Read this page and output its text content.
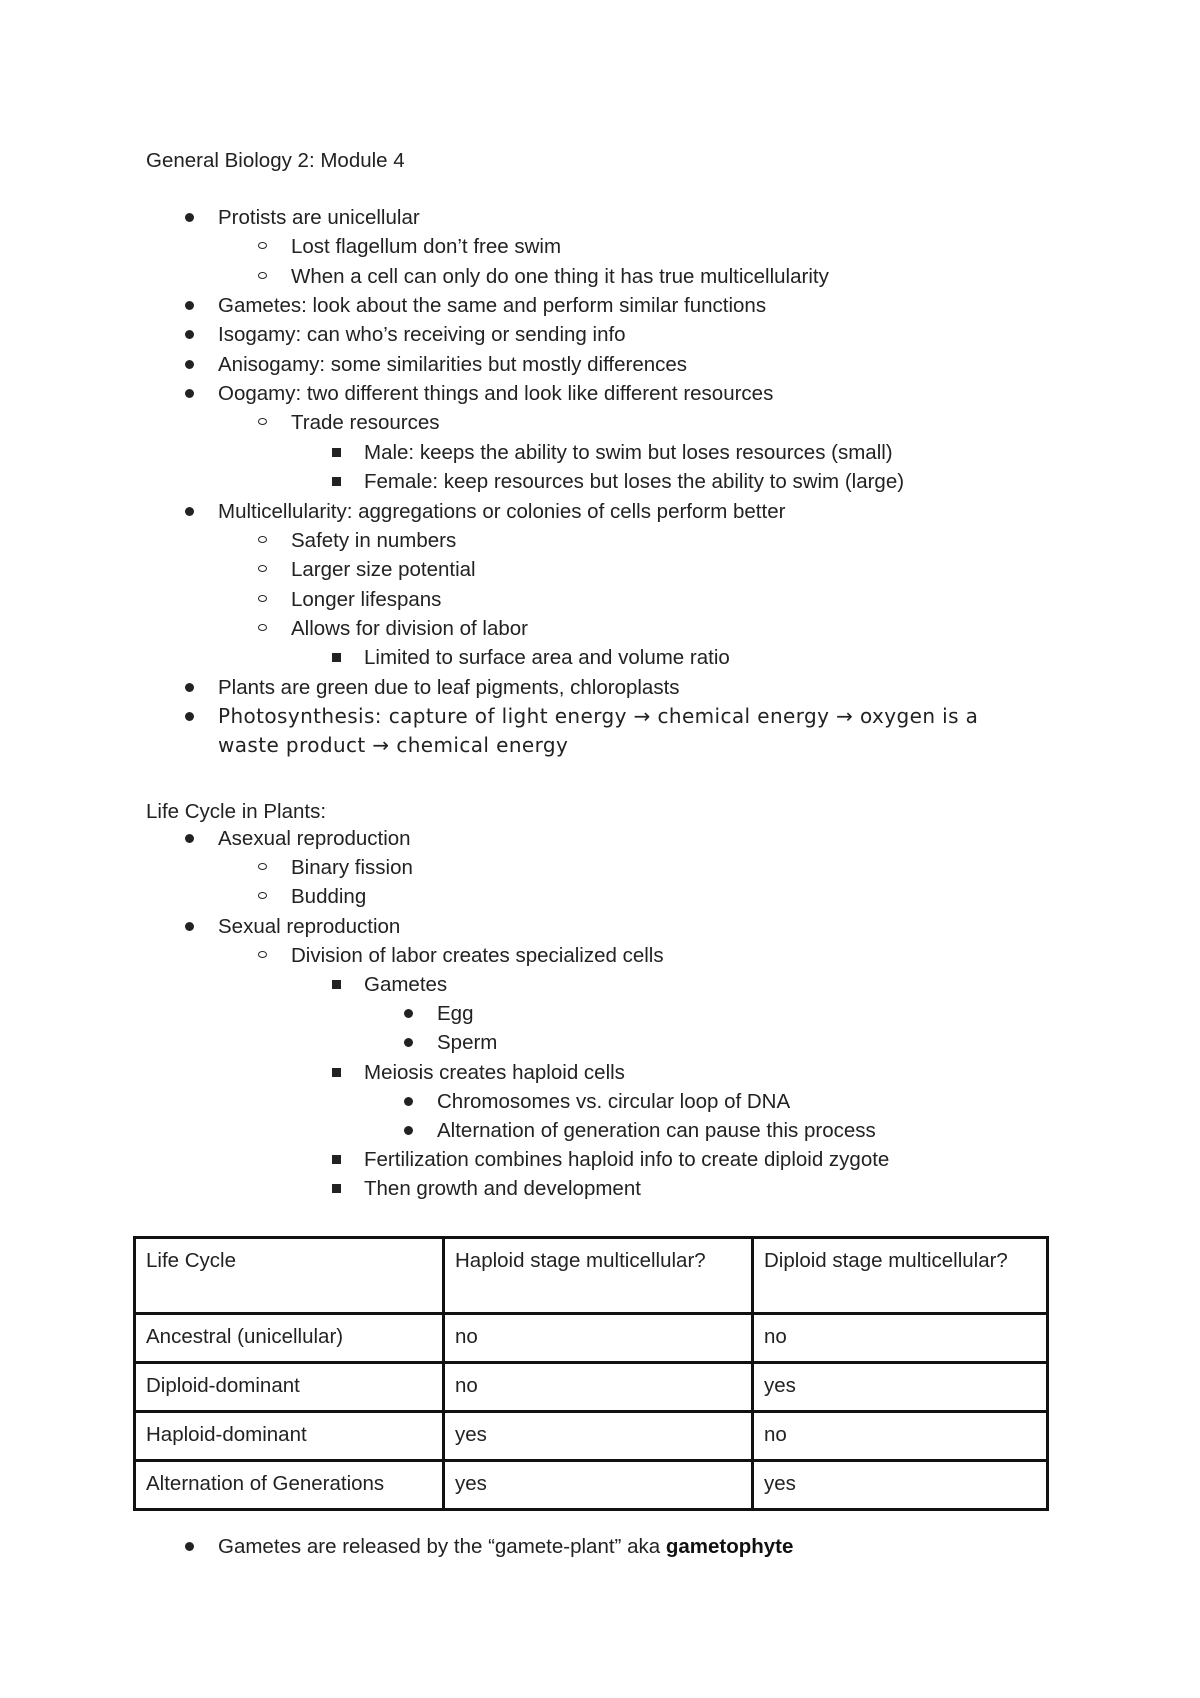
General Biology 2: Module 4
Protists are unicellular
Lost flagellum don’t free swim
When a cell can only do one thing it has true multicellularity
Gametes: look about the same and perform similar functions
Isogamy: can who’s receiving or sending info
Anisogamy: some similarities but mostly differences
Oogamy: two different things and look like different resources
Trade resources
Male: keeps the ability to swim but loses resources (small)
Female: keep resources but loses the ability to swim (large)
Multicellularity: aggregations or colonies of cells perform better
Safety in numbers
Larger size potential
Longer lifespans
Allows for division of labor
Limited to surface area and volume ratio
Plants are green due to leaf pigments, chloroplasts
Photosynthesis: capture of light energy → chemical energy → oxygen is a
waste product → chemical energy
Life Cycle in Plants:
Asexual reproduction
Binary fission
Budding
Sexual reproduction
Division of labor creates specialized cells
Gametes
Egg
Sperm
Meiosis creates haploid cells
Chromosomes vs. circular loop of DNA
Alternation of generation can pause this process
Fertilization combines haploid info to create diploid zygote
Then growth and development
Life Cycle	Haploid stage multicellular?	Diploid stage multicellular?
Ancestral (unicellular)	no	no
Diploid-dominant	no	yes
Haploid-dominant	yes	no
Alternation of Generations	yes	yes
Gametes are released by the “gamete-plant” aka gametophyte
